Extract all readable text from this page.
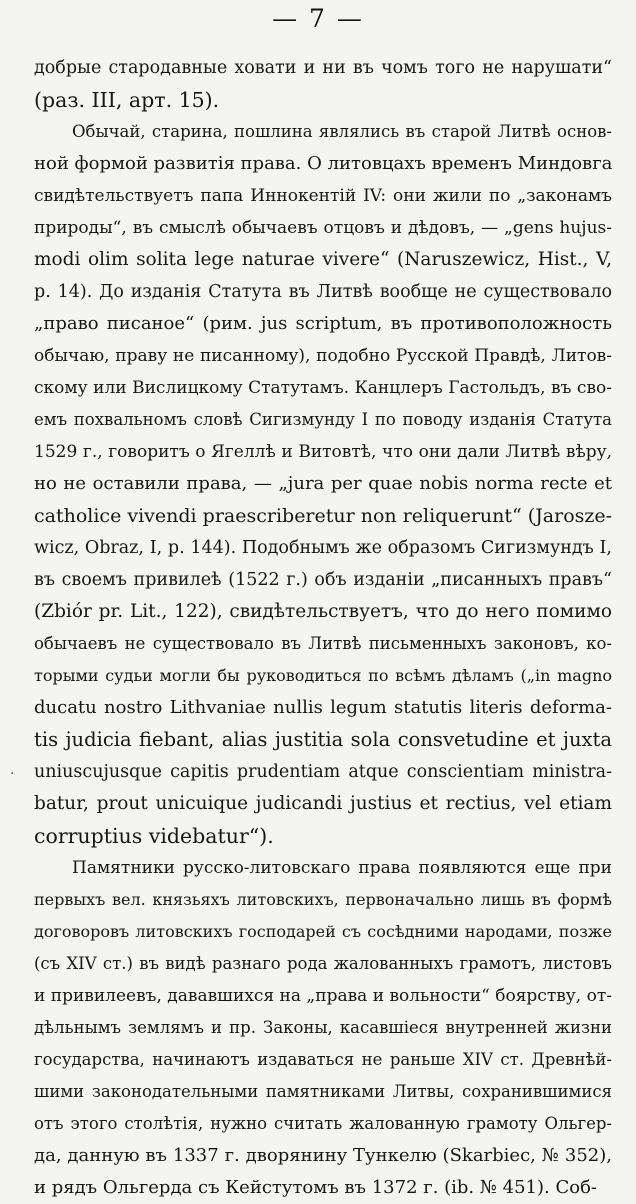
— 7 —
добрые стародавные ховати и ни въ чомъ того не нарушати“
(раз. III, арт. 15).
Обычай, старина, пошлина являлись въ старой Литвѣ основ-
ной формой развитія права. О литовцахъ временъ Миндовга
свидѣтельствуетъ папа Иннокентій IV: они жили по „законамъ
природы“, въ смыслѣ обычаевъ отцовъ и дѣдовъ, — „gens hujus-
modi olim solita lege naturae vivere“ (Naruszewicz, Hist., V,
p. 14). До изданія Статута въ Литвѣ вообще не существовало
„право писаное“ (рим. jus scriptum, въ противоположность
обычаю, праву не писанному), подобно Русской Правдѣ, Литов-
скому или Вислицкому Статутамъ. Канцлеръ Гастольдъ, въ сво-
емъ похвальномъ словѣ Сигизмунду I по поводу изданія Статута
1529 г., говоритъ о Ягеллѣ и Витовтѣ, что они дали Литвѣ вѣру,
но не оставили права, — „jura per quae nobis norma recte et
catholice vivendi praescriberetur non reliquerunt“ (Jaroszе-
wicz, Obraz, I, p. 144). Подобнымъ же образомъ Сигизмундъ I,
въ своемъ привилеѣ (1522 г.) объ изданіи „писанныхъ правъ“
(Zbiór pr. Lit., 122), свидѣтельствуетъ, что до него помимо
обычаевъ не существовало въ Литвѣ письменныхъ законовъ, ко-
торыми судьи могли бы руководиться по всѣмъ дѣламъ („in magno
ducatu nostro Lithvaniae nullis legum statutis literis deforma-
tis judicia fiebant, alias justitia sola consvetudine et juxta
uniuscujusque capitis prudentiam atque conscientiam ministra-
batur, prout unicuique judicandi justius et rectius, vel etiam
corruptius videbatur“).
Памятники русско-литовскаго права появляются еще при
первыхъ вел. князьяхъ литовскихъ, первоначально лишь въ формѣ
договоровъ литовскихъ господарей съ сосѣдними народами, позже
(съ XIV ст.) въ видѣ разнаго рода жалованныхъ грамотъ, листовъ
и привилеевъ, дававшихся на „права и вольности“ боярству, от-
дѣльнымъ землямъ и пр. Законы, касавшіеся внутренней жизни
государства, начинаютъ издаваться не раньше XIV ст. Древнѣй-
шими законодательными памятниками Литвы, сохранившимися
отъ этого столѣтія, нужно считать жалованную грамоту Ольгер-
да, данную въ 1337 г. дворянину Тункелю (Skarbiec, № 352),
и рядъ Ольгерда съ Кейстутомъ въ 1372 г. (ib. № 451). Соб-
·
